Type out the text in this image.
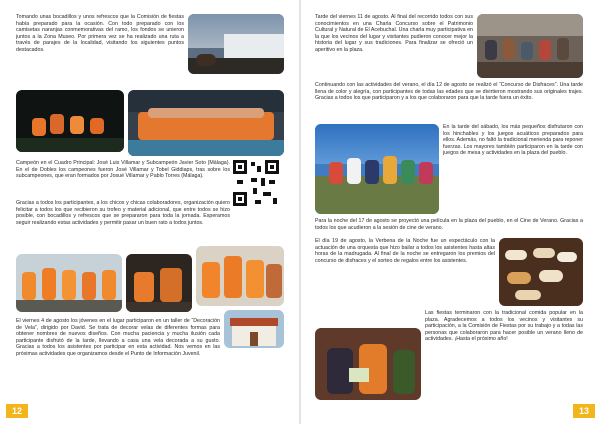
Tomando unas bocadillos y unos refrescos que la Comisión de fiestas había preparado para la ocasión. Con todo preparado con los camisetas naranjas conmemorativas del ramo, los fondos se unieron juntos a la Zona Museo. Por primera vez se ha realizado una ruta a través de parajes de la localidad, visitando los siguientes puntos destacados.

Campeón en el Cuadro Principal: José Luis Villamar y Subcampeón Javier Soto (Málaga). En el de Dobles los campeones fueron José Villamar y Tobel Giddiaps, tras sobre los subcampeones, que eran formados por Josué Villamar y Pablo Torres (Málaga).

Gracias a todos los participantes, a los chicos y chicas colaboradores, organización quiero felicitar a todos los que recibieron su trofeo y material adicional, que entre todos se hizo posible, con bocadillos y refrescos que se prepararon para toda la jornada. Esperamos seguir realizando estas actividades y permitir pasar un buen rato a todos juntos.

El viernes 4 de agosto los jóvenes en el lugar participaron en un taller de “Decoración de Vela”, dirigido por David. Se trata de decorar velas de diferentes formas para obtener nombres de nuevos diseños. Con mucha paciencia y mucha ilusión cada participante disfrutó de la tarde, llevando a casa una vela decorada a su gusto. Gracias a todos los asistentes por participar en esta actividad. Nos vemos en las próximas actividades que organizamos desde el Punto de Información Juvenil.

12

Tarde del viernes 11 de agosto. Al final del recorrido todos con sus conocimientos en una Charla Concurso sobre el Patrimonio Cultural y Natural de El Acebuchal. Una charla muy participativa en la que los vecinos del lugar y visitantes pudieron conocer mejor la historia del lugar y sus tradiciones. Para finalizar se ofreció un aperitivo en la plaza.

Continuando con las actividades del verano, el día 12 de agosto se realizó el “Concurso de Disfraces”. Una tarde llena de color y alegría, con participantes de todas las edades que se divirtieron mostrando sus originales trajes. Gracias a todos los que participaron y a los que colaboraron para que la tarde fuera un éxito.

En la tarde del sábado, los más pequeños disfrutaron con los hinchables y los juegos acuáticos preparados para ellos. Además, no faltó la tradicional merienda para reponer fuerzas. Los mayores también participaron en la tarde con juegos de mesa y actividades en la plaza del pueblo.

Para la noche del 17 de agosto se proyectó una película en la plaza del pueblo, en el Cine de Verano. Gracias a todos los que acudieron a la sesión de cine de verano.

El día 19 de agosto, la Verbena de la Noche fue un espectáculo con la actuación de una orquesta que hizo bailar a todos los asistentes hasta altas horas de la madrugada. Al final de la noche se entregaron los premios del concurso de disfraces y el sorteo de regalos entre los asistentes.

Las fiestas terminaron con la tradicional comida popular en la plaza. Agradecemos a todos los vecinos y visitantes su participación, a la Comisión de Fiestas por su trabajo y a todas las personas que colaboraron para hacer posible un verano lleno de actividades. ¡Hasta el próximo año!

13
